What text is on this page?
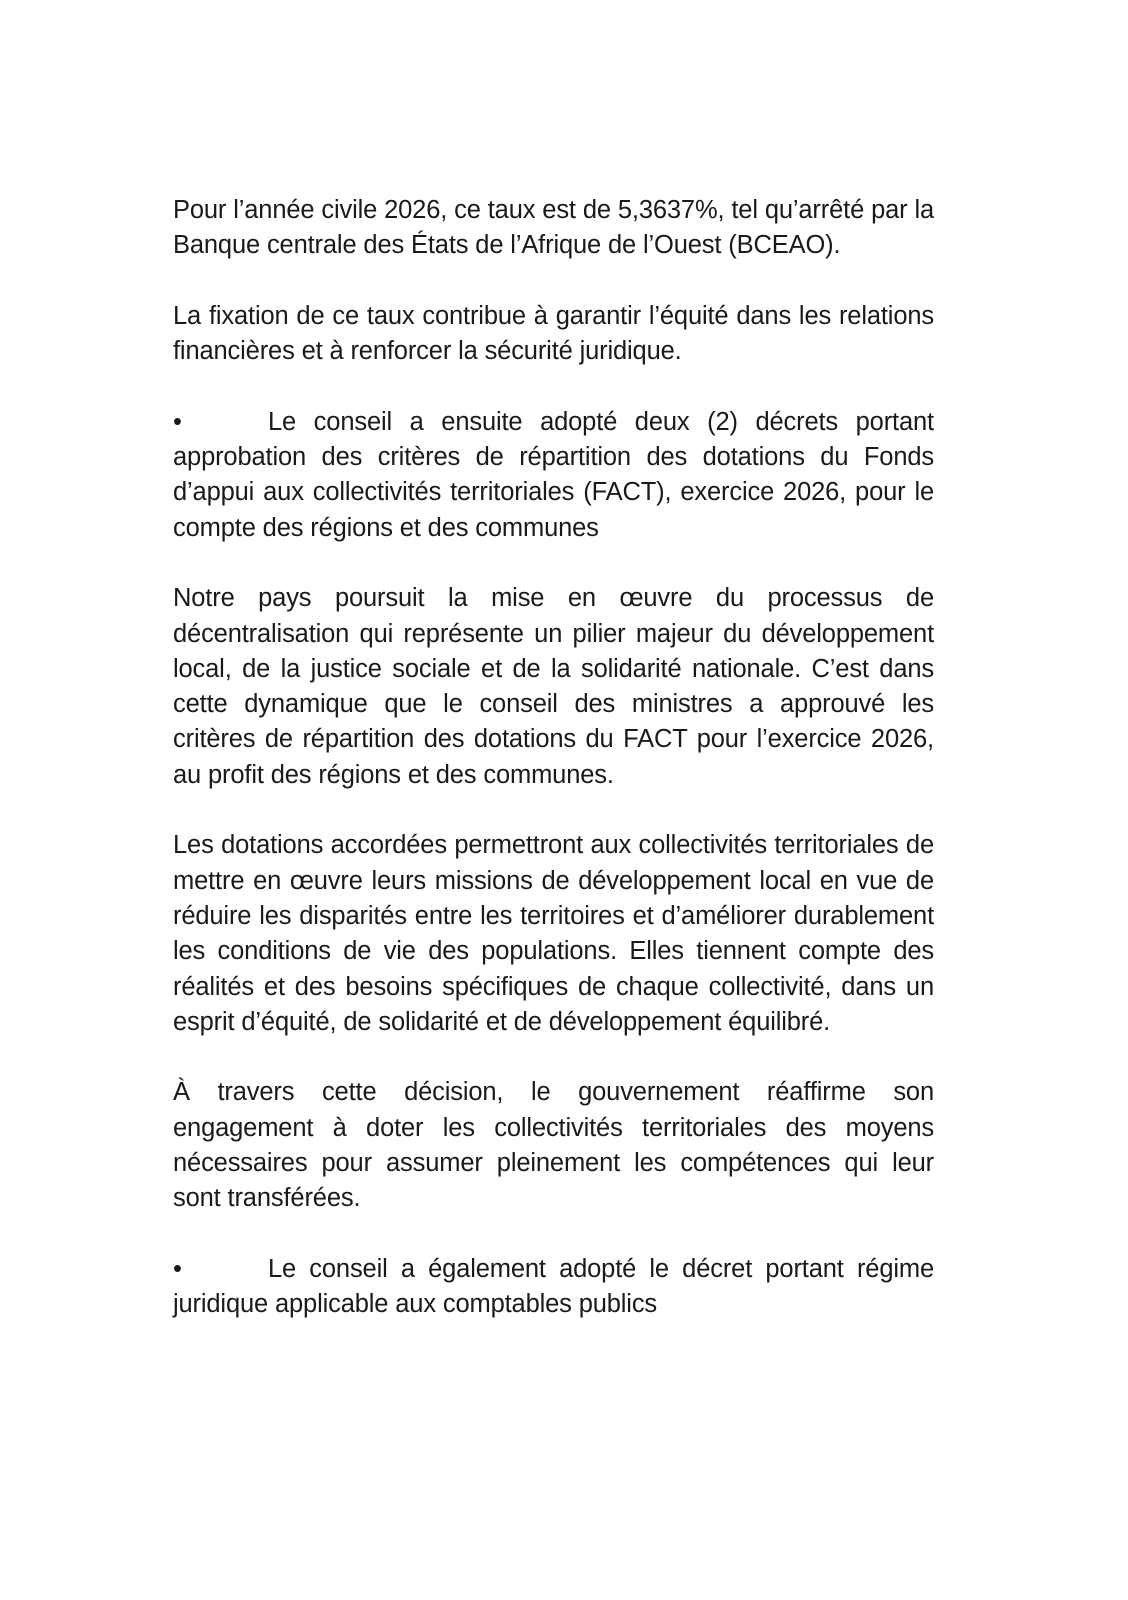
Pour l’année civile 2026, ce taux est de 5,3637%, tel qu’arrêté par la Banque centrale des États de l’Afrique de l’Ouest (BCEAO).

La fixation de ce taux contribue à garantir l’équité dans les relations financières et à renforcer la sécurité juridique.

•	Le conseil a ensuite adopté deux (2) décrets portant approbation des critères de répartition des dotations du Fonds d’appui aux collectivités territoriales (FACT), exercice 2026, pour le compte des régions et des communes

Notre pays poursuit la mise en œuvre du processus de décentralisation qui représente un pilier majeur du développement local, de la justice sociale et de la solidarité nationale. C’est dans cette dynamique que le conseil des ministres a approuvé les critères de répartition des dotations du FACT pour l’exercice 2026, au profit des régions et des communes.

Les dotations accordées permettront aux collectivités territoriales de mettre en œuvre leurs missions de développement local en vue de réduire les disparités entre les territoires et d’améliorer durablement les conditions de vie des populations. Elles tiennent compte des réalités et des besoins spécifiques de chaque collectivité, dans un esprit d’équité, de solidarité et de développement équilibré.

À travers cette décision, le gouvernement réaffirme son engagement à doter les collectivités territoriales des moyens nécessaires pour assumer pleinement les compétences qui leur sont transférées.

•	Le conseil a également adopté le décret portant régime juridique applicable aux comptables publics
